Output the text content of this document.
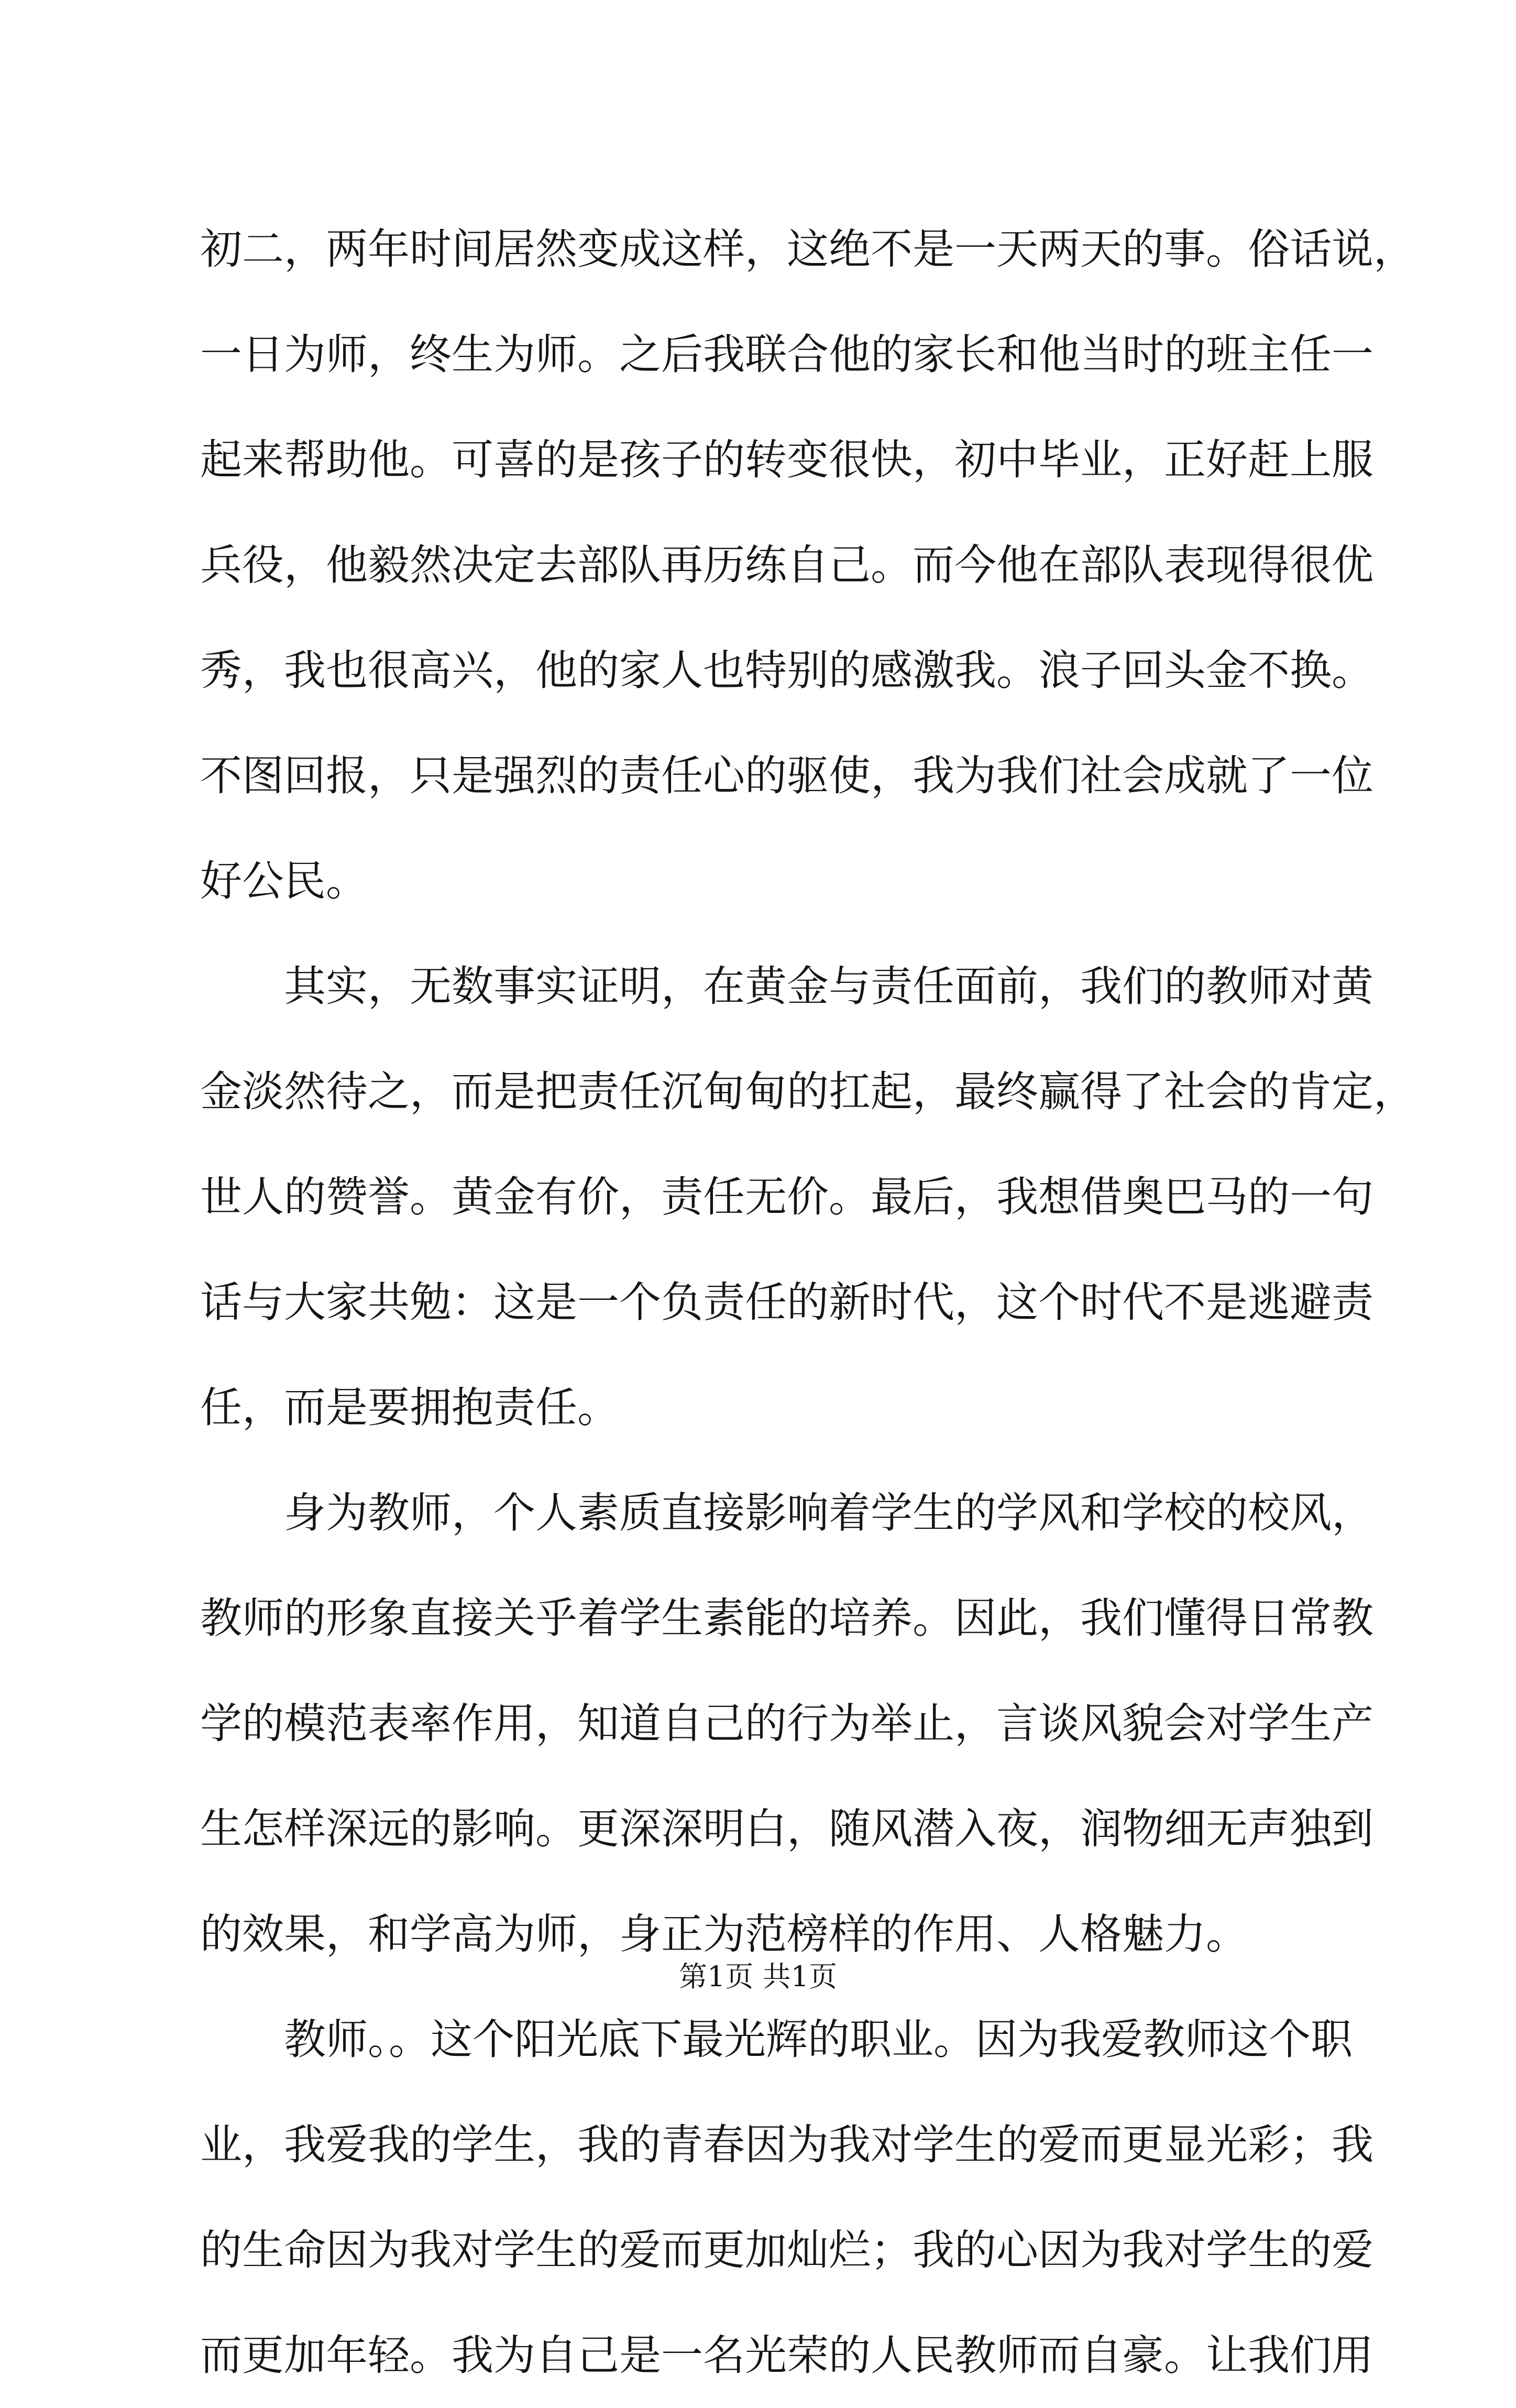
初二，两年时间居然变成这样，这绝不是一天两天的事。俗话说，
一日为师，终生为师。之后我联合他的家长和他当时的班主任一
起来帮助他。可喜的是孩子的转变很快，初中毕业，正好赶上服
兵役，他毅然决定去部队再历练自己。而今他在部队表现得很优
秀，我也很高兴，他的家人也特别的感激我。浪子回头金不换。
不图回报，只是强烈的责任心的驱使，我为我们社会成就了一位
好公民。
其实，无数事实证明，在黄金与责任面前，我们的教师对黄
金淡然待之，而是把责任沉甸甸的扛起，最终赢得了社会的肯定，
世人的赞誉。黄金有价，责任无价。最后，我想借奥巴马的一句
话与大家共勉：这是一个负责任的新时代，这个时代不是逃避责
任，而是要拥抱责任。
身为教师，个人素质直接影响着学生的学风和学校的校风，
教师的形象直接关乎着学生素能的培养。因此，我们懂得日常教
学的模范表率作用，知道自己的行为举止，言谈风貌会对学生产
生怎样深远的影响。更深深明白，随风潜入夜，润物细无声独到
的效果，和学高为师，身正为范榜样的作用、人格魅力。
教师。。这个阳光底下最光辉的职业。因为我爱教师这个职
业，我爱我的学生，我的青春因为我对学生的爱而更显光彩；我
的生命因为我对学生的爱而更加灿烂；我的心因为我对学生的爱
而更加年轻。我为自己是一名光荣的人民教师而自豪。让我们用
第1页 共1页
